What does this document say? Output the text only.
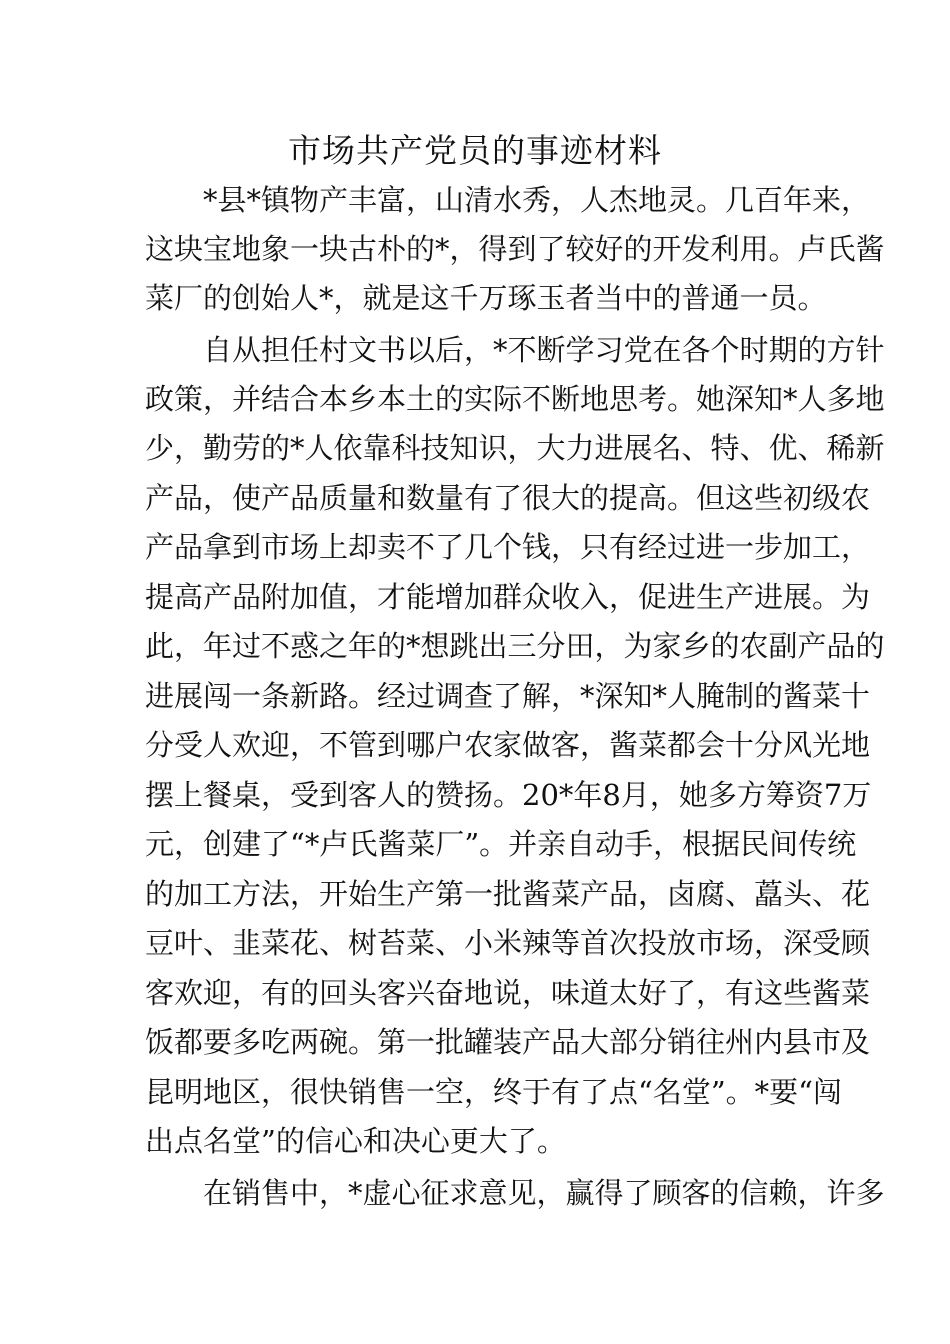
市场共产党员的事迹材料
*县*镇物产丰富，山清水秀，人杰地灵。几百年来，
这块宝地象一块古朴的*，得到了较好的开发利用。卢氏酱
菜厂的创始人*，就是这千万琢玉者当中的普通一员。
自从担任村文书以后，*不断学习党在各个时期的方针
政策，并结合本乡本土的实际不断地思考。她深知*人多地
少，勤劳的*人依靠科技知识，大力进展名、特、优、稀新
产品，使产品质量和数量有了很大的提高。但这些初级农
产品拿到市场上却卖不了几个钱，只有经过进一步加工，
提高产品附加值，才能增加群众收入，促进生产进展。为
此，年过不惑之年的*想跳出三分田，为家乡的农副产品的
进展闯一条新路。经过调查了解，*深知*人腌制的酱菜十
分受人欢迎，不管到哪户农家做客，酱菜都会十分风光地
摆上餐桌，受到客人的赞扬。20*年8月，她多方筹资7万
元，创建了“*卢氏酱菜厂”。并亲自动手，根据民间传统
的加工方法，开始生产第一批酱菜产品，卤腐、藠头、花
豆叶、韭菜花、树苔菜、小米辣等首次投放市场，深受顾
客欢迎，有的回头客兴奋地说，味道太好了，有这些酱菜
饭都要多吃两碗。第一批罐装产品大部分销往州内县市及
昆明地区，很快销售一空，终于有了点“名堂”。*要“闯
出点名堂”的信心和决心更大了。
在销售中，*虚心征求意见，赢得了顾客的信赖，许多
